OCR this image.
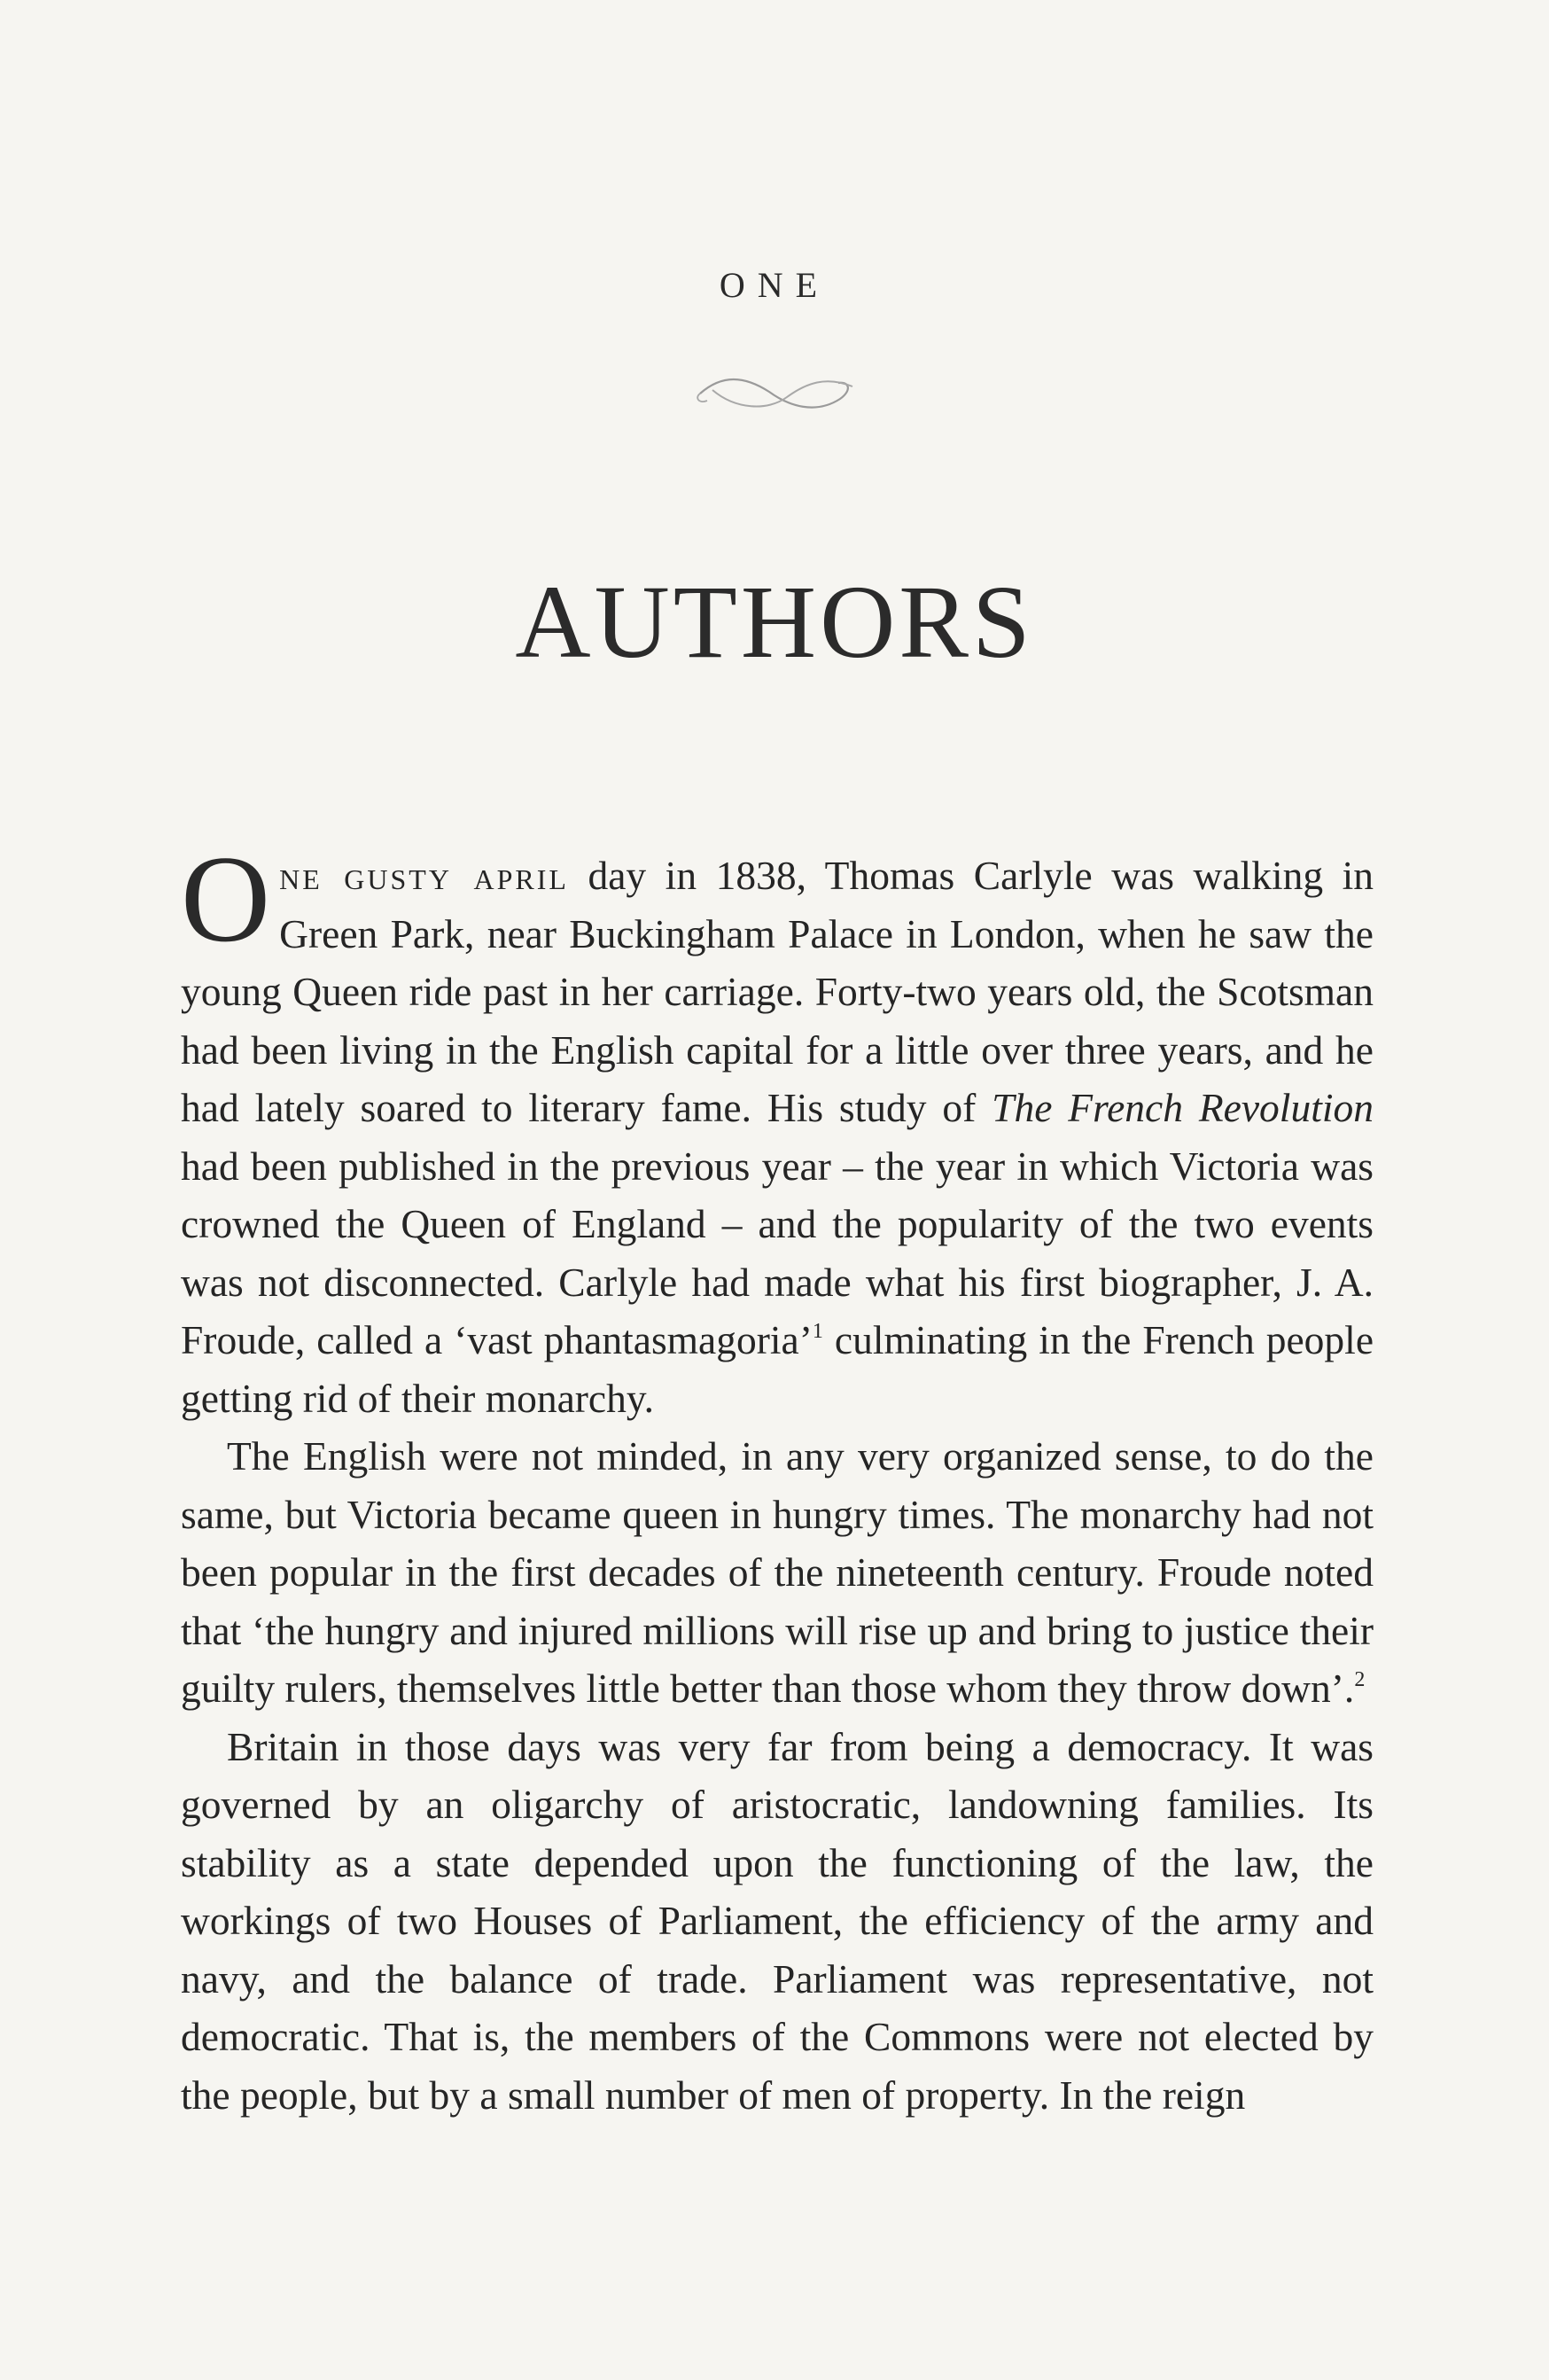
ONE
AUTHORS

One gusty april day in 1838, Thomas Carlyle was walking in Green Park, near Buckingham Palace in London, when he saw the young Queen ride past in her carriage. Forty-two years old, the Scotsman had been living in the English capital for a little over three years, and he had lately soared to literary fame. His study of The French Revolution had been published in the previous year – the year in which Victoria was crowned the Queen of England – and the popularity of the two events was not disconnected. Carlyle had made what his first biographer, J. A. Froude, called a ‘vast phantasmagoria’$^1$ culminating in the French people getting rid of their monarchy.

The English were not minded, in any very organized sense, to do the same, but Victoria became queen in hungry times. The monarchy had not been popular in the first decades of the nineteenth century. Froude noted that ‘the hungry and injured millions will rise up and bring to justice their guilty rulers, themselves little better than those whom they throw down’.$^2$

Britain in those days was very far from being a democracy. It was governed by an oligarchy of aristocratic, landowning families. Its stability as a state depended upon the functioning of the law, the workings of two Houses of Parliament, the efficiency of the army and navy, and the balance of trade. Parliament was representative, not democratic. That is, the members of the Commons were not elected by the people, but by a small number of men of property. In the reign
